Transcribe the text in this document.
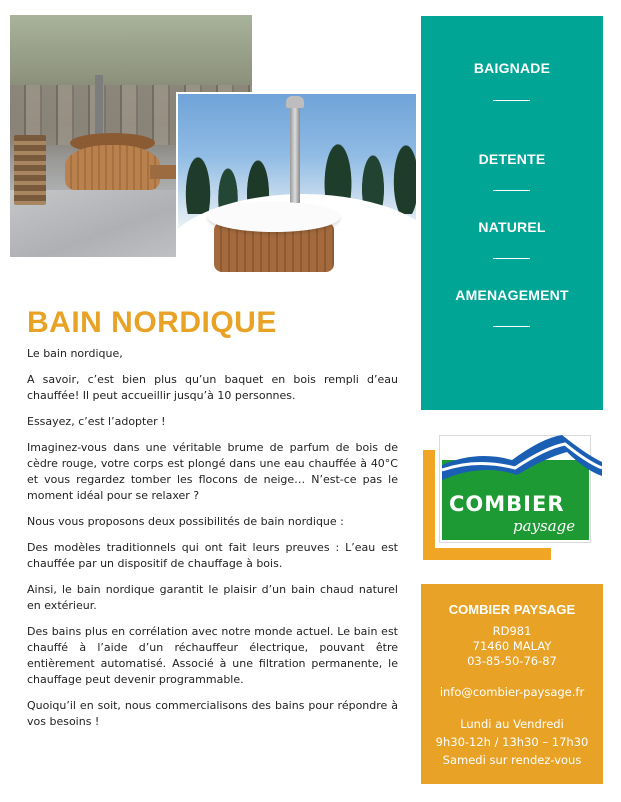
BAIGNADE
DETENTE
NATUREL
AMENAGEMENT
COMBIER
paysage
COMBIER PAYSAGE
RD981
71460 MALAY
03-85-50-76-87
info@combier-paysage.fr
Lundi au Vendredi
9h30-12h / 13h30 – 17h30
Samedi sur rendez-vous
BAIN NORDIQUE

Le bain nordique,

A savoir, c’est bien plus qu’un baquet en bois rempli d’eau chauffée! Il peut accueillir jusqu’à 10 personnes.

Essayez, c’est l’adopter !

Imaginez-vous dans une véritable brume de parfum de bois de cèdre rouge, votre corps est plongé dans une eau chauffée à 40°C et vous regardez tomber les flocons de neige… N’est-ce pas le moment idéal pour se relaxer ?

Nous vous proposons deux possibilités de bain nordique :

Des modèles traditionnels qui ont fait leurs preuves : L’eau est chauffée par un dispositif de chauffage à bois.

Ainsi, le bain nordique garantit le plaisir d’un bain chaud naturel en extérieur.

Des bains plus en corrélation avec notre monde actuel. Le bain est chauffé à l’aide d’un réchauffeur électrique, pouvant être entièrement automatisé. Associé à une filtration permanente, le chauffage peut devenir programmable.

Quoiqu’il en soit, nous commercialisons des bains pour répondre à vos besoins !
